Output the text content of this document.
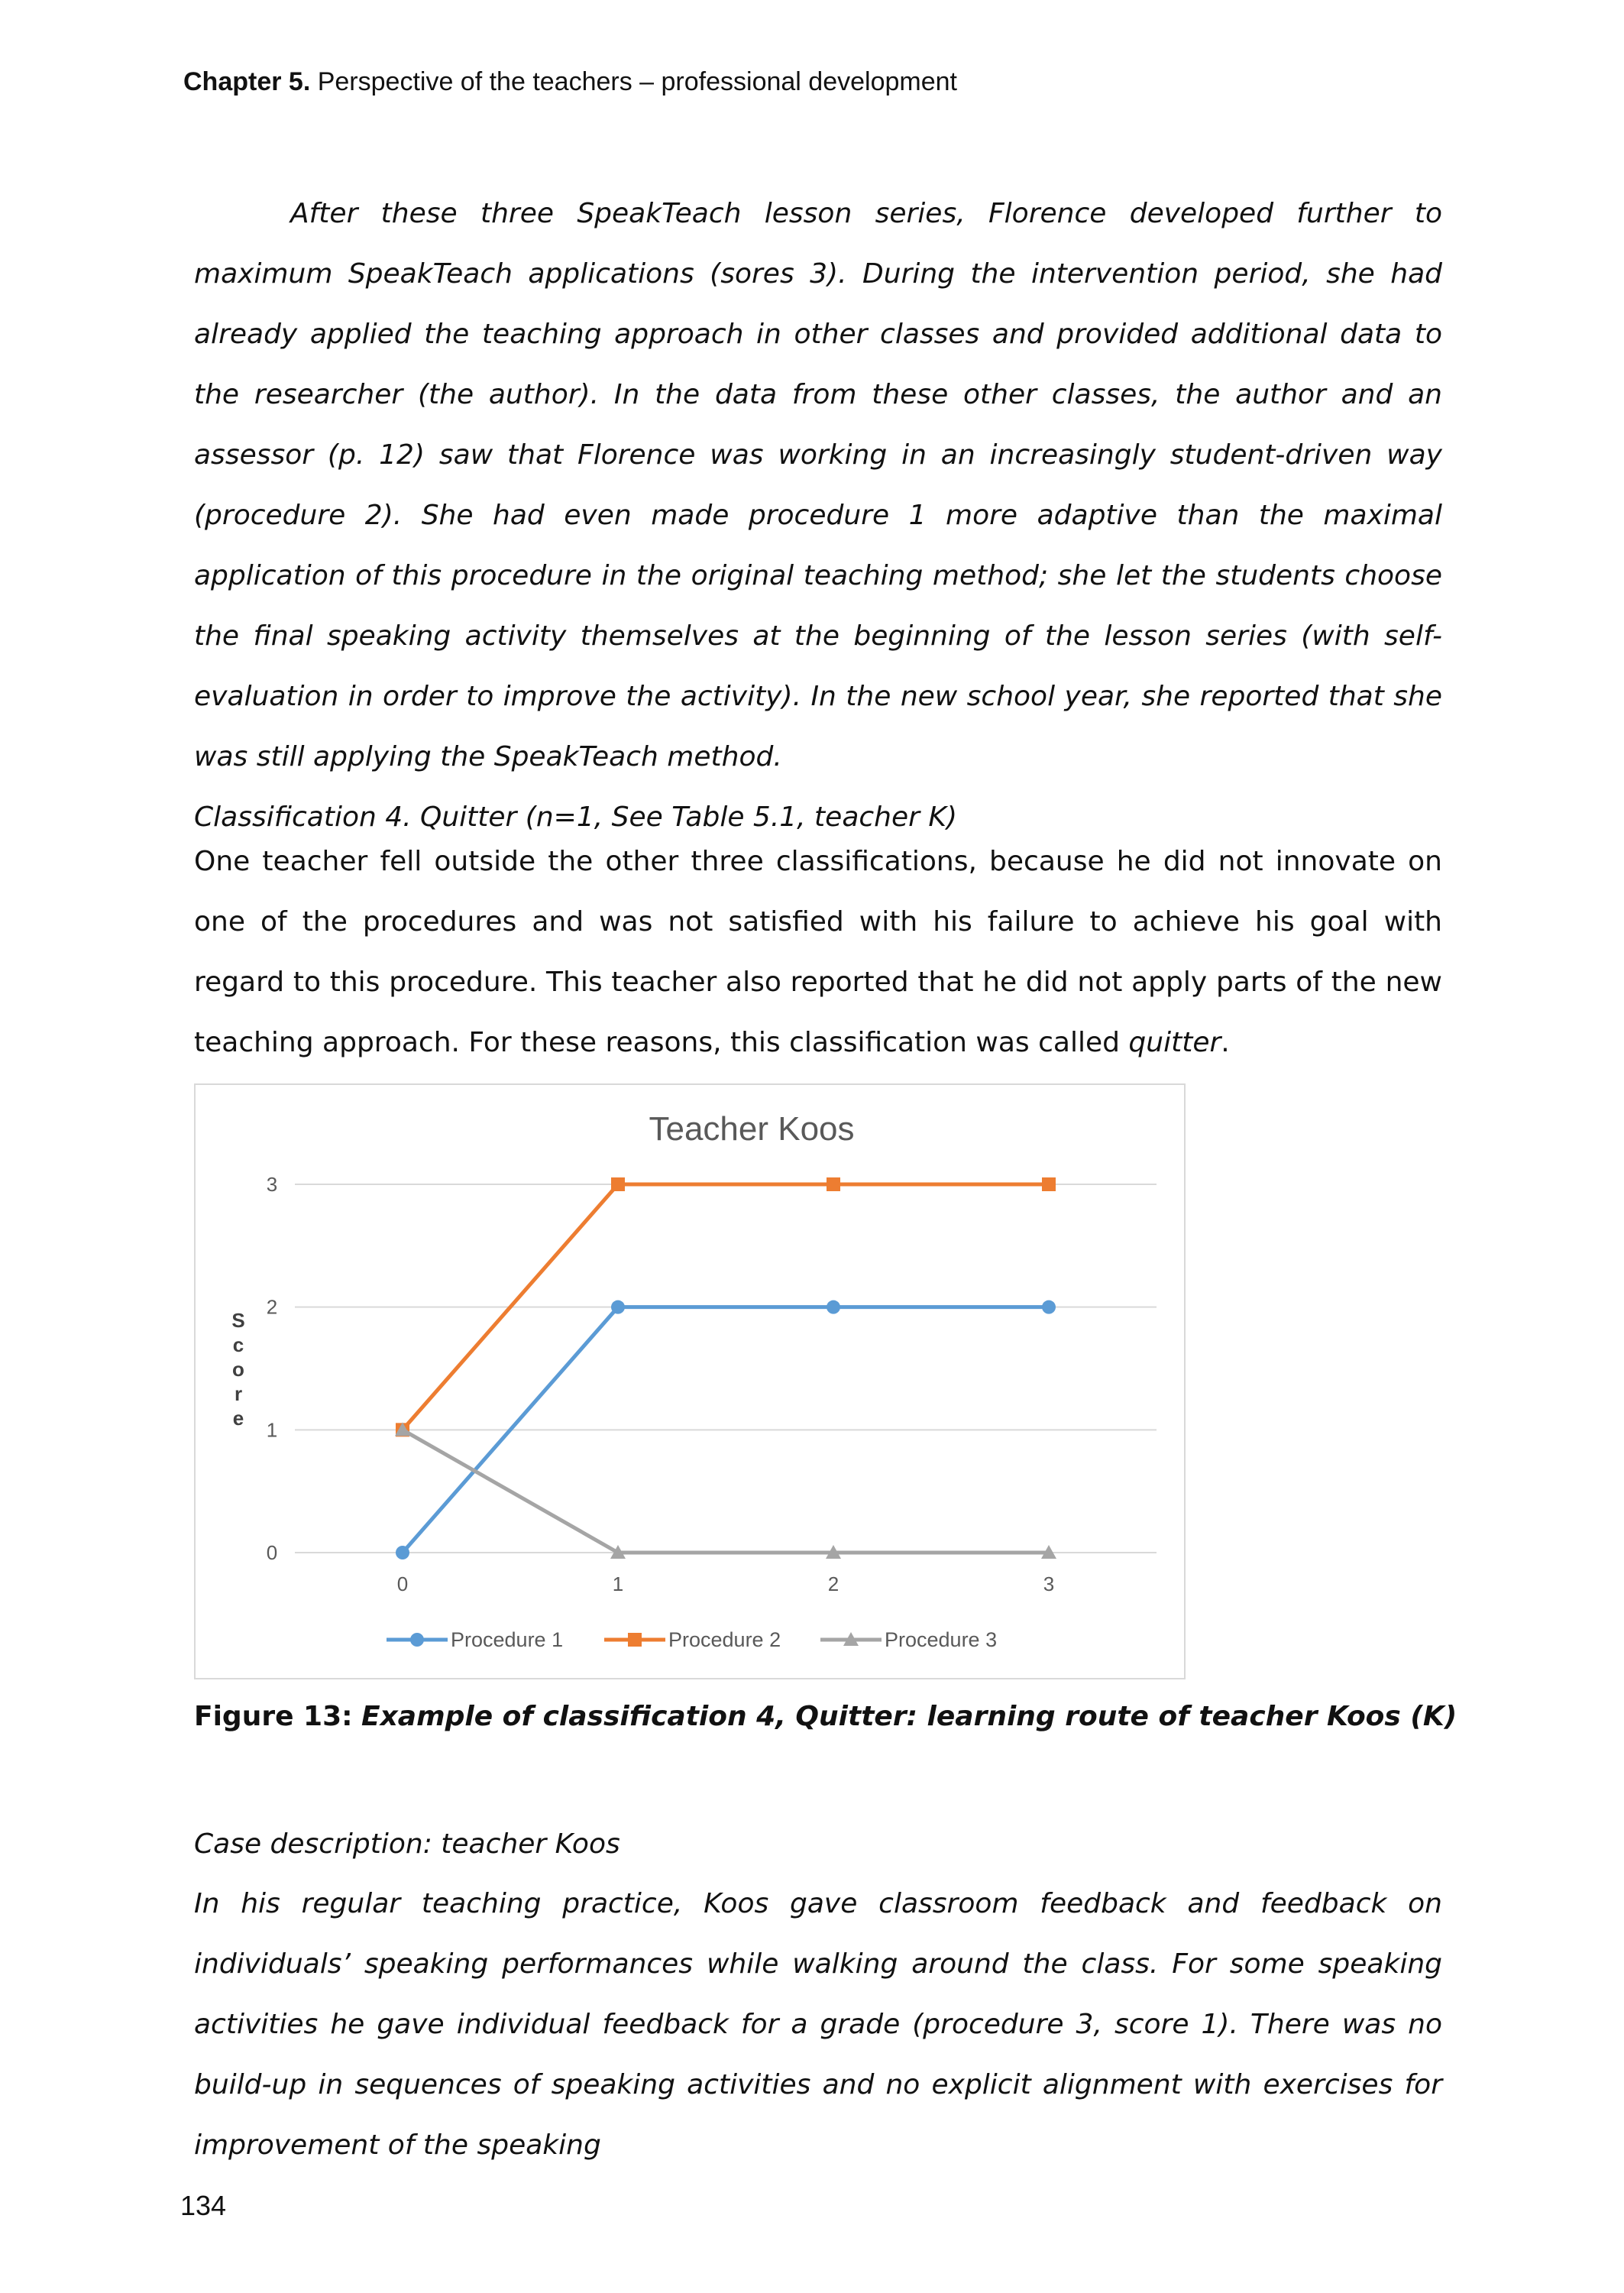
Chapter 5. Perspective of the teachers – professional development
After these three SpeakTeach lesson series, Florence developed further to maximum SpeakTeach applications (sores 3). During the intervention period, she had already applied the teaching approach in other classes and provided additional data to the researcher (the author). In the data from these other classes, the author and an assessor (p. 12) saw that Florence was working in an increasingly student-driven way (procedure 2). She had even made procedure 1 more adaptive than the maximal application of this procedure in the original teaching method; she let the students choose the final speaking activity themselves at the beginning of the lesson series (with self-evaluation in order to improve the activity). In the new school year, she reported that she was still applying the SpeakTeach method.
Classification 4. Quitter (n=1, See Table 5.1, teacher K)
One teacher fell outside the other three classifications, because he did not innovate on one of the procedures and was not satisfied with his failure to achieve his goal with regard to this procedure. This teacher also reported that he did not apply parts of the new teaching approach. For these reasons, this classification was called quitter.
Teacher Koos
0
1
2
3
S
c
o
r
e
0	1	2	3
Procedure 1	Procedure 2	Procedure 3
Figure 13: Example of classification 4, Quitter: learning route of teacher Koos (K)
Case description: teacher Koos
In his regular teaching practice, Koos gave classroom feedback and feedback on individuals’ speaking performances while walking around the class. For some speaking activities he gave individual feedback for a grade (procedure 3, score 1). There was no build-up in sequences of speaking activities and no explicit alignment with exercises for improvement of the speaking
134
